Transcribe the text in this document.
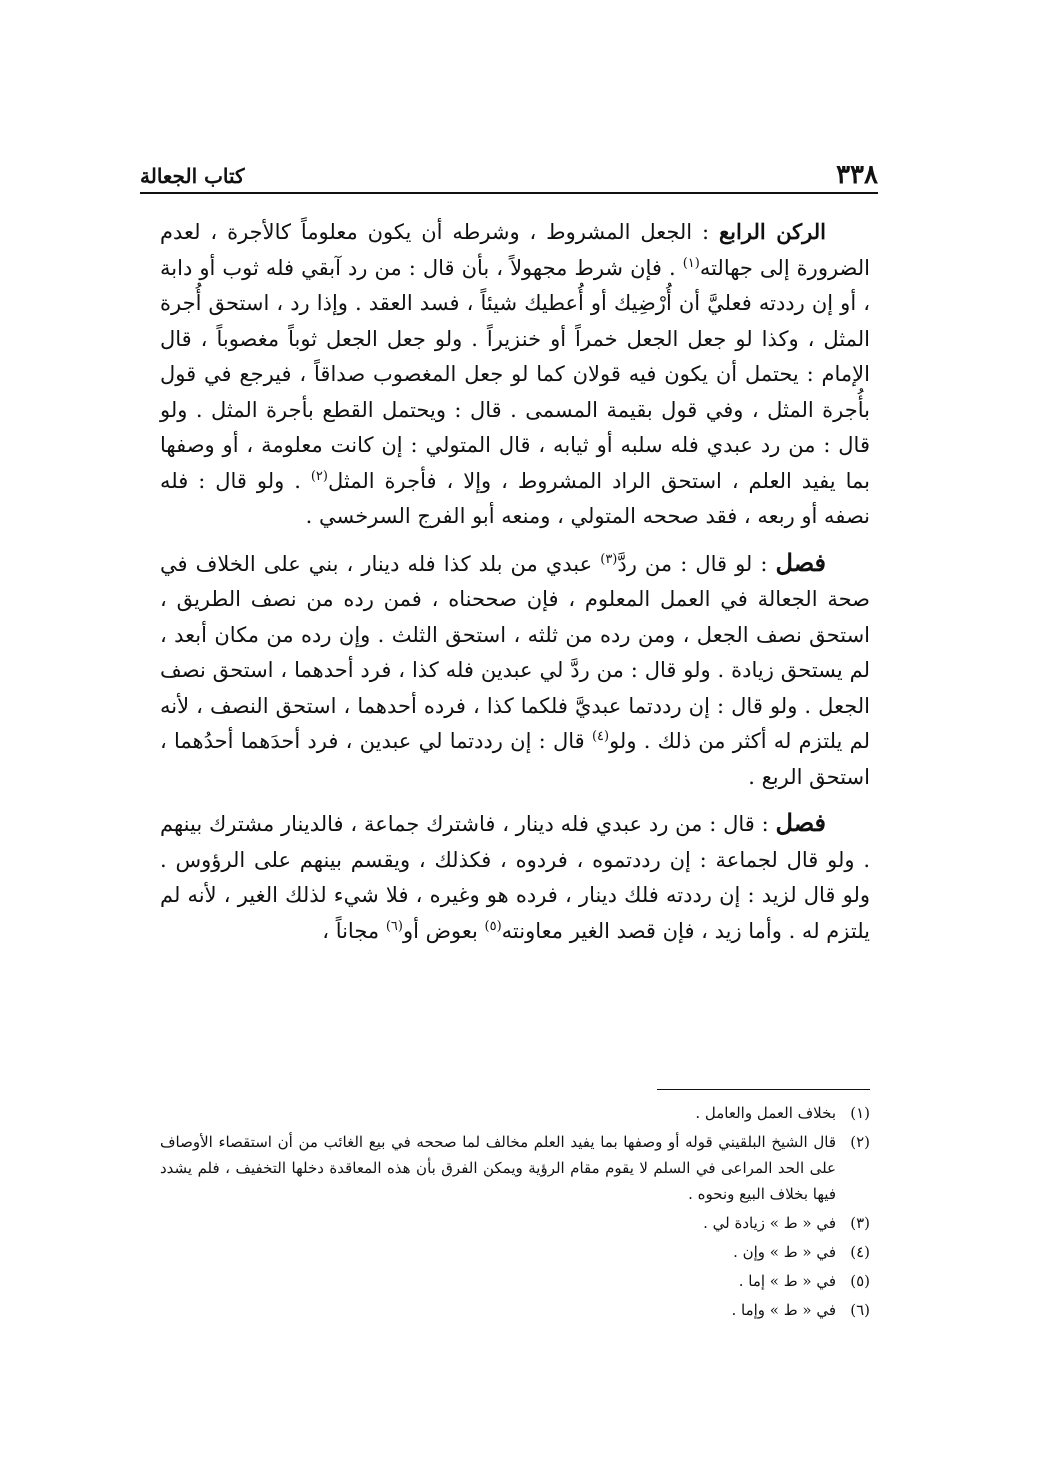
٣٣٨
كتاب الجعالة

الركن الرابع : الجعل المشروط ، وشرطه أن يكون معلوماً كالأجرة ، لعدم الضرورة إلى جهالته$^{(١)}$ . فإن شرط مجهولاً ، بأن قال : من رد آبقي فله ثوب أو دابة ، أو إن رددته فعليَّ أن أُرْضِيك أو أُعطيك شيئاً ، فسد العقد . وإذا رد ، استحق أُجرة المثل ، وكذا لو جعل الجعل خمراً أو خنزيراً . ولو جعل الجعل ثوباً مغصوباً ، قال الإمام : يحتمل أن يكون فيه قولان كما لو جعل المغصوب صداقاً ، فيرجع في قول بأُجرة المثل ، وفي قول بقيمة المسمى . قال : ويحتمل القطع بأجرة المثل . ولو قال : من رد عبدي فله سلبه أو ثيابه ، قال المتولي : إن كانت معلومة ، أو وصفها بما يفيد العلم ، استحق الراد المشروط ، وإلا ، فأجرة المثل$^{(٢)}$ . ولو قال : فله نصفه أو ربعه ، فقد صححه المتولي ، ومنعه أبو الفرج السرخسي .

فصل : لو قال : من ردَّ$^{(٣)}$ عبدي من بلد كذا فله دينار ، بني على الخلاف في صحة الجعالة في العمل المعلوم ، فإن صححناه ، فمن رده من نصف الطريق ، استحق نصف الجعل ، ومن رده من ثلثه ، استحق الثلث . وإن رده من مكان أبعد ، لم يستحق زيادة . ولو قال : من ردَّ لي عبدين فله كذا ، فرد أحدهما ، استحق نصف الجعل . ولو قال : إن رددتما عبديَّ فلكما كذا ، فرده أحدهما ، استحق النصف ، لأنه لم يلتزم له أكثر من ذلك . ولو$^{(٤)}$ قال : إن رددتما لي عبدين ، فرد أحدَهما أحدُهما ، استحق الربع .

فصل : قال : من رد عبدي فله دينار ، فاشترك جماعة ، فالدينار مشترك بينهم . ولو قال لجماعة : إن رددتموه ، فردوه ، فكذلك ، ويقسم بينهم على الرؤوس . ولو قال لزيد : إن رددته فلك دينار ، فرده هو وغيره ، فلا شيء لذلك الغير ، لأنه لم يلتزم له . وأما زيد ، فإن قصد الغير معاونته$^{(٥)}$ بعوض أو$^{(٦)}$ مجاناً ،

(١)
بخلاف العمل والعامل .
(٢)
قال الشيخ البلقيني قوله أو وصفها بما يفيد العلم مخالف لما صححه في بيع الغائب من أن استقصاء الأوصاف على الحد المراعى في السلم لا يقوم مقام الرؤية ويمكن الفرق بأن هذه المعاقدة دخلها التخفيف ، فلم يشدد فيها بخلاف البيع ونحوه .
(٣)
في « ط » زيادة لي .
(٤)
في « ط » وإن .
(٥)
في « ط » إما .
(٦)
في « ط » وإما .
